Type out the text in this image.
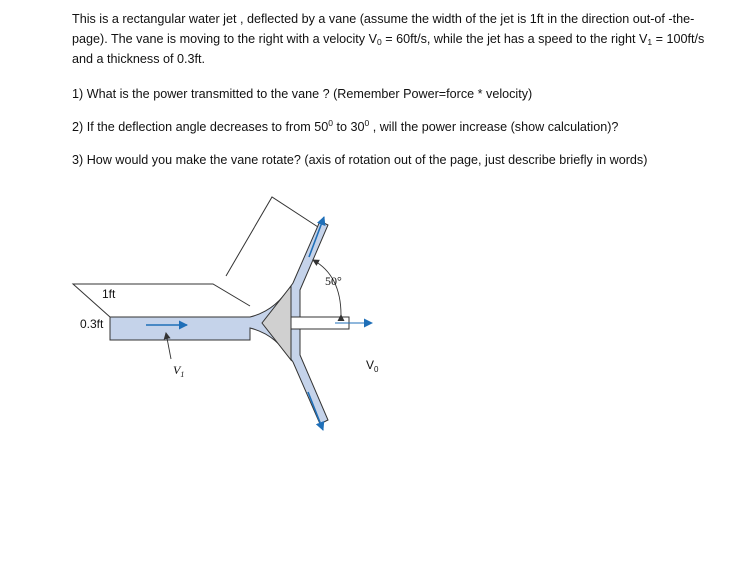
This is a rectangular water jet , deflected by a vane (assume the width of the jet is 1ft in the direction out-of -the-page). The vane is moving to the right with a velocity $V_0 = 60ft/s$, while the jet has a speed to the right $V_1 = 100ft/s$ and a thickness of 0.3ft.

1) What is the power transmitted to the vane ? (Remember Power=force * velocity)

2) If the deflection angle decreases to from $50^0$ to $30^0$ , will the power increase (show calculation)?

3) How would you make the vane rotate? (axis of rotation out of the page, just describe briefly in words)

1ft
0.3ft
50°
$V_1$
$V_0$
